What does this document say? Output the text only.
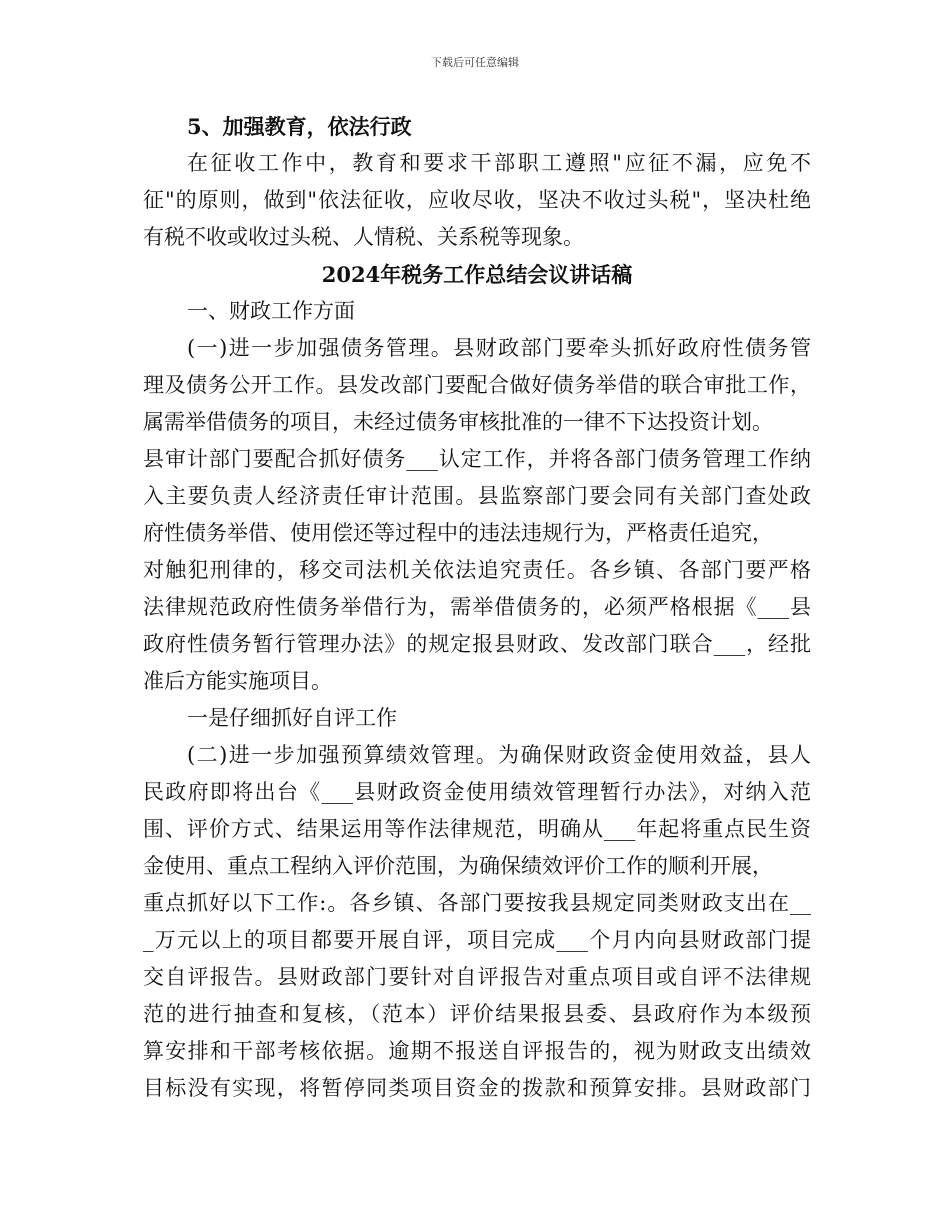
下载后可任意编辑
5、加强教育，依法行政
在征收工作中，教育和要求干部职工遵照"应征不漏，应免不
征"的原则，做到"依法征收，应收尽收，坚决不收过头税"，坚决杜绝
有税不收或收过头税、人情税、关系税等现象。
2024年税务工作总结会议讲话稿
一、财政工作方面
(一)进一步加强债务管理。县财政部门要牵头抓好政府性债务管
理及债务公开工作。县发改部门要配合做好债务举借的联合审批工作，
属需举借债务的项目，未经过债务审核批准的一律不下达投资计划。
县审计部门要配合抓好债务___认定工作，并将各部门债务管理工作纳
入主要负责人经济责任审计范围。县监察部门要会同有关部门查处政
府性债务举借、使用偿还等过程中的违法违规行为，严格责任追究，
对触犯刑律的，移交司法机关依法追究责任。各乡镇、各部门要严格
法律规范政府性债务举借行为，需举借债务的，必须严格根据《___县
政府性债务暂行管理办法》的规定报县财政、发改部门联合___，经批
准后方能实施项目。
一是仔细抓好自评工作
(二)进一步加强预算绩效管理。为确保财政资金使用效益，县人
民政府即将出台《___县财政资金使用绩效管理暂行办法》，对纳入范
围、评价方式、结果运用等作法律规范，明确从___年起将重点民生资
金使用、重点工程纳入评价范围，为确保绩效评价工作的顺利开展，
重点抓好以下工作:。各乡镇、各部门要按我县规定同类财政支出在__
_万元以上的项目都要开展自评，项目完成___个月内向县财政部门提
交自评报告。县财政部门要针对自评报告对重点项目或自评不法律规
范的进行抽查和复核，（范本）评价结果报县委、县政府作为本级预
算安排和干部考核依据。逾期不报送自评报告的，视为财政支出绩效
目标没有实现，将暂停同类项目资金的拨款和预算安排。县财政部门
